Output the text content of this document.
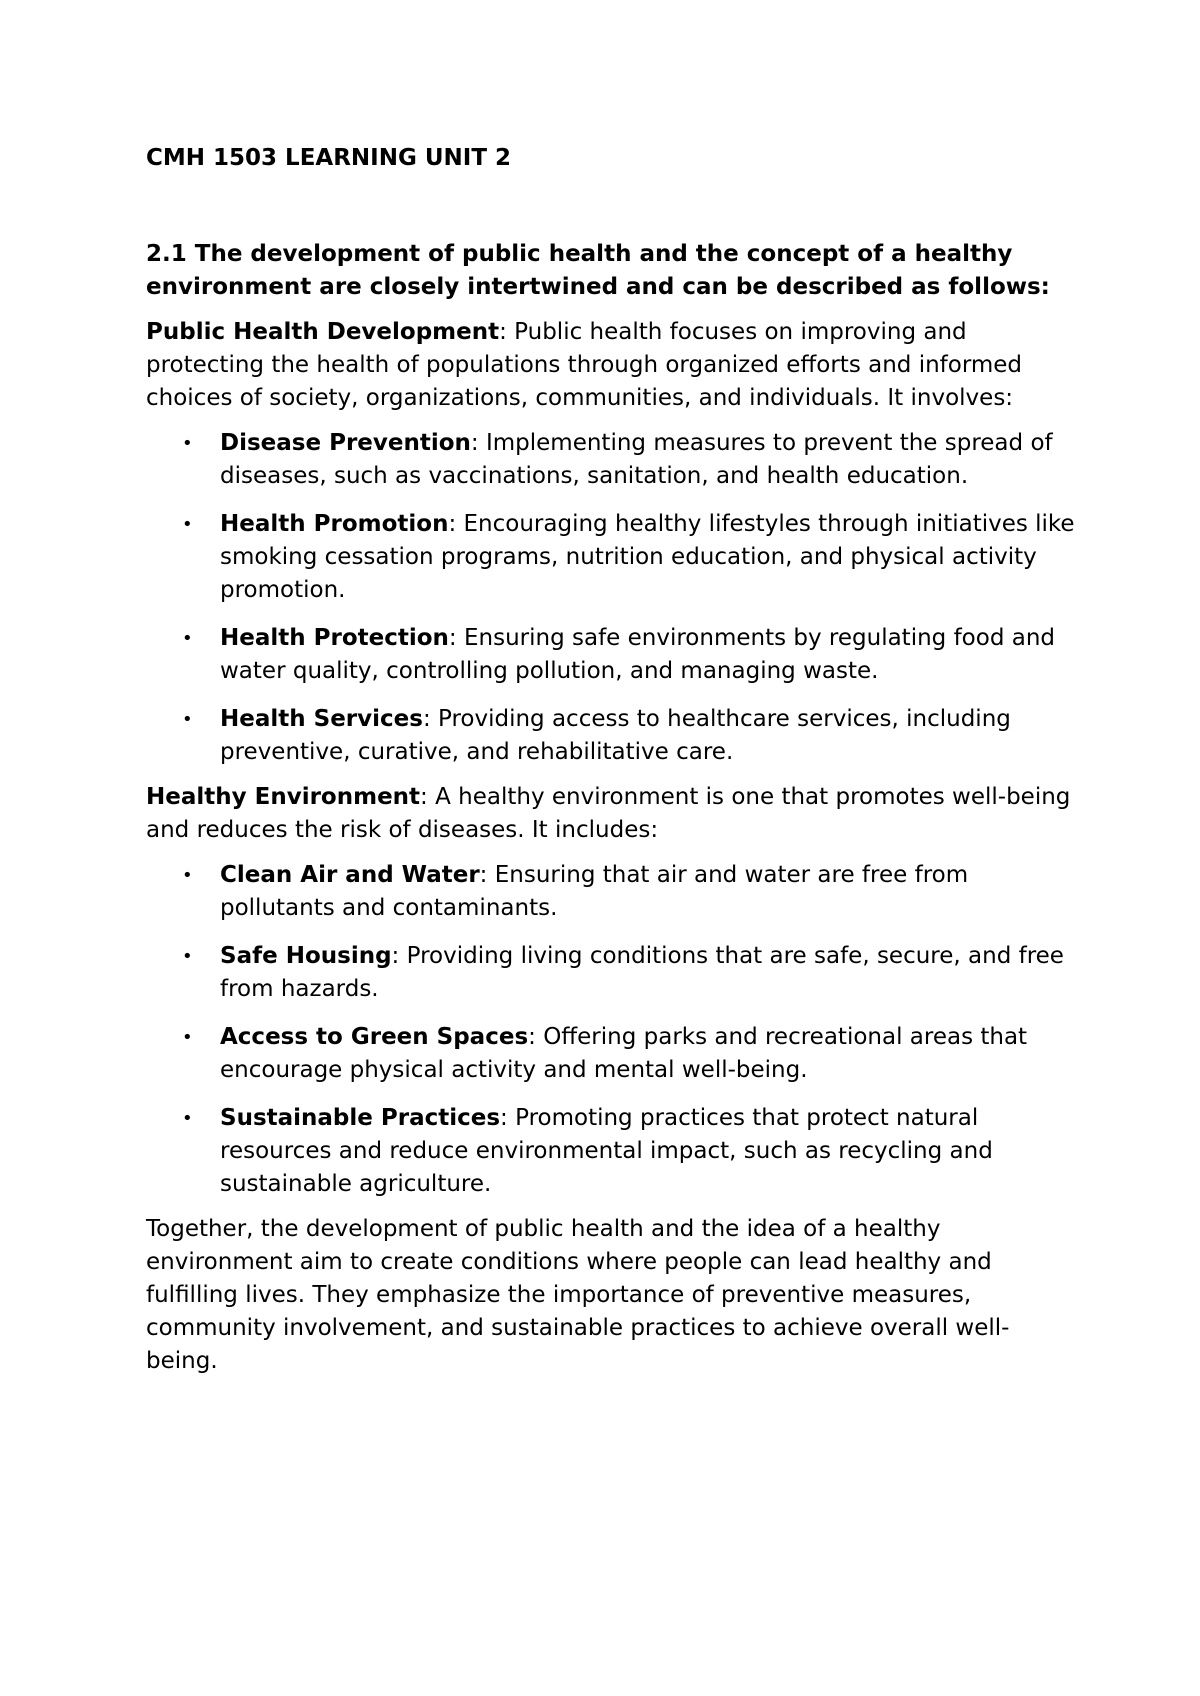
CMH 1503 LEARNING UNIT 2
2.1 The development of public health and the concept of a healthy environment are closely intertwined and can be described as follows:

Public Health Development: Public health focuses on improving and protecting the health of populations through organized efforts and informed choices of society, organizations, communities, and individuals. It involves:

• Disease Prevention: Implementing measures to prevent the spread of diseases, such as vaccinations, sanitation, and health education.
• Health Promotion: Encouraging healthy lifestyles through initiatives like smoking cessation programs, nutrition education, and physical activity promotion.
• Health Protection: Ensuring safe environments by regulating food and water quality, controlling pollution, and managing waste.
• Health Services: Providing access to healthcare services, including preventive, curative, and rehabilitative care.

Healthy Environment: A healthy environment is one that promotes well-being and reduces the risk of diseases. It includes:

• Clean Air and Water: Ensuring that air and water are free from pollutants and contaminants.
• Safe Housing: Providing living conditions that are safe, secure, and free from hazards.
• Access to Green Spaces: Offering parks and recreational areas that encourage physical activity and mental well-being.
• Sustainable Practices: Promoting practices that protect natural resources and reduce environmental impact, such as recycling and sustainable agriculture.

Together, the development of public health and the idea of a healthy environment aim to create conditions where people can lead healthy and fulfilling lives. They emphasize the importance of preventive measures, community involvement, and sustainable practices to achieve overall well-being.
